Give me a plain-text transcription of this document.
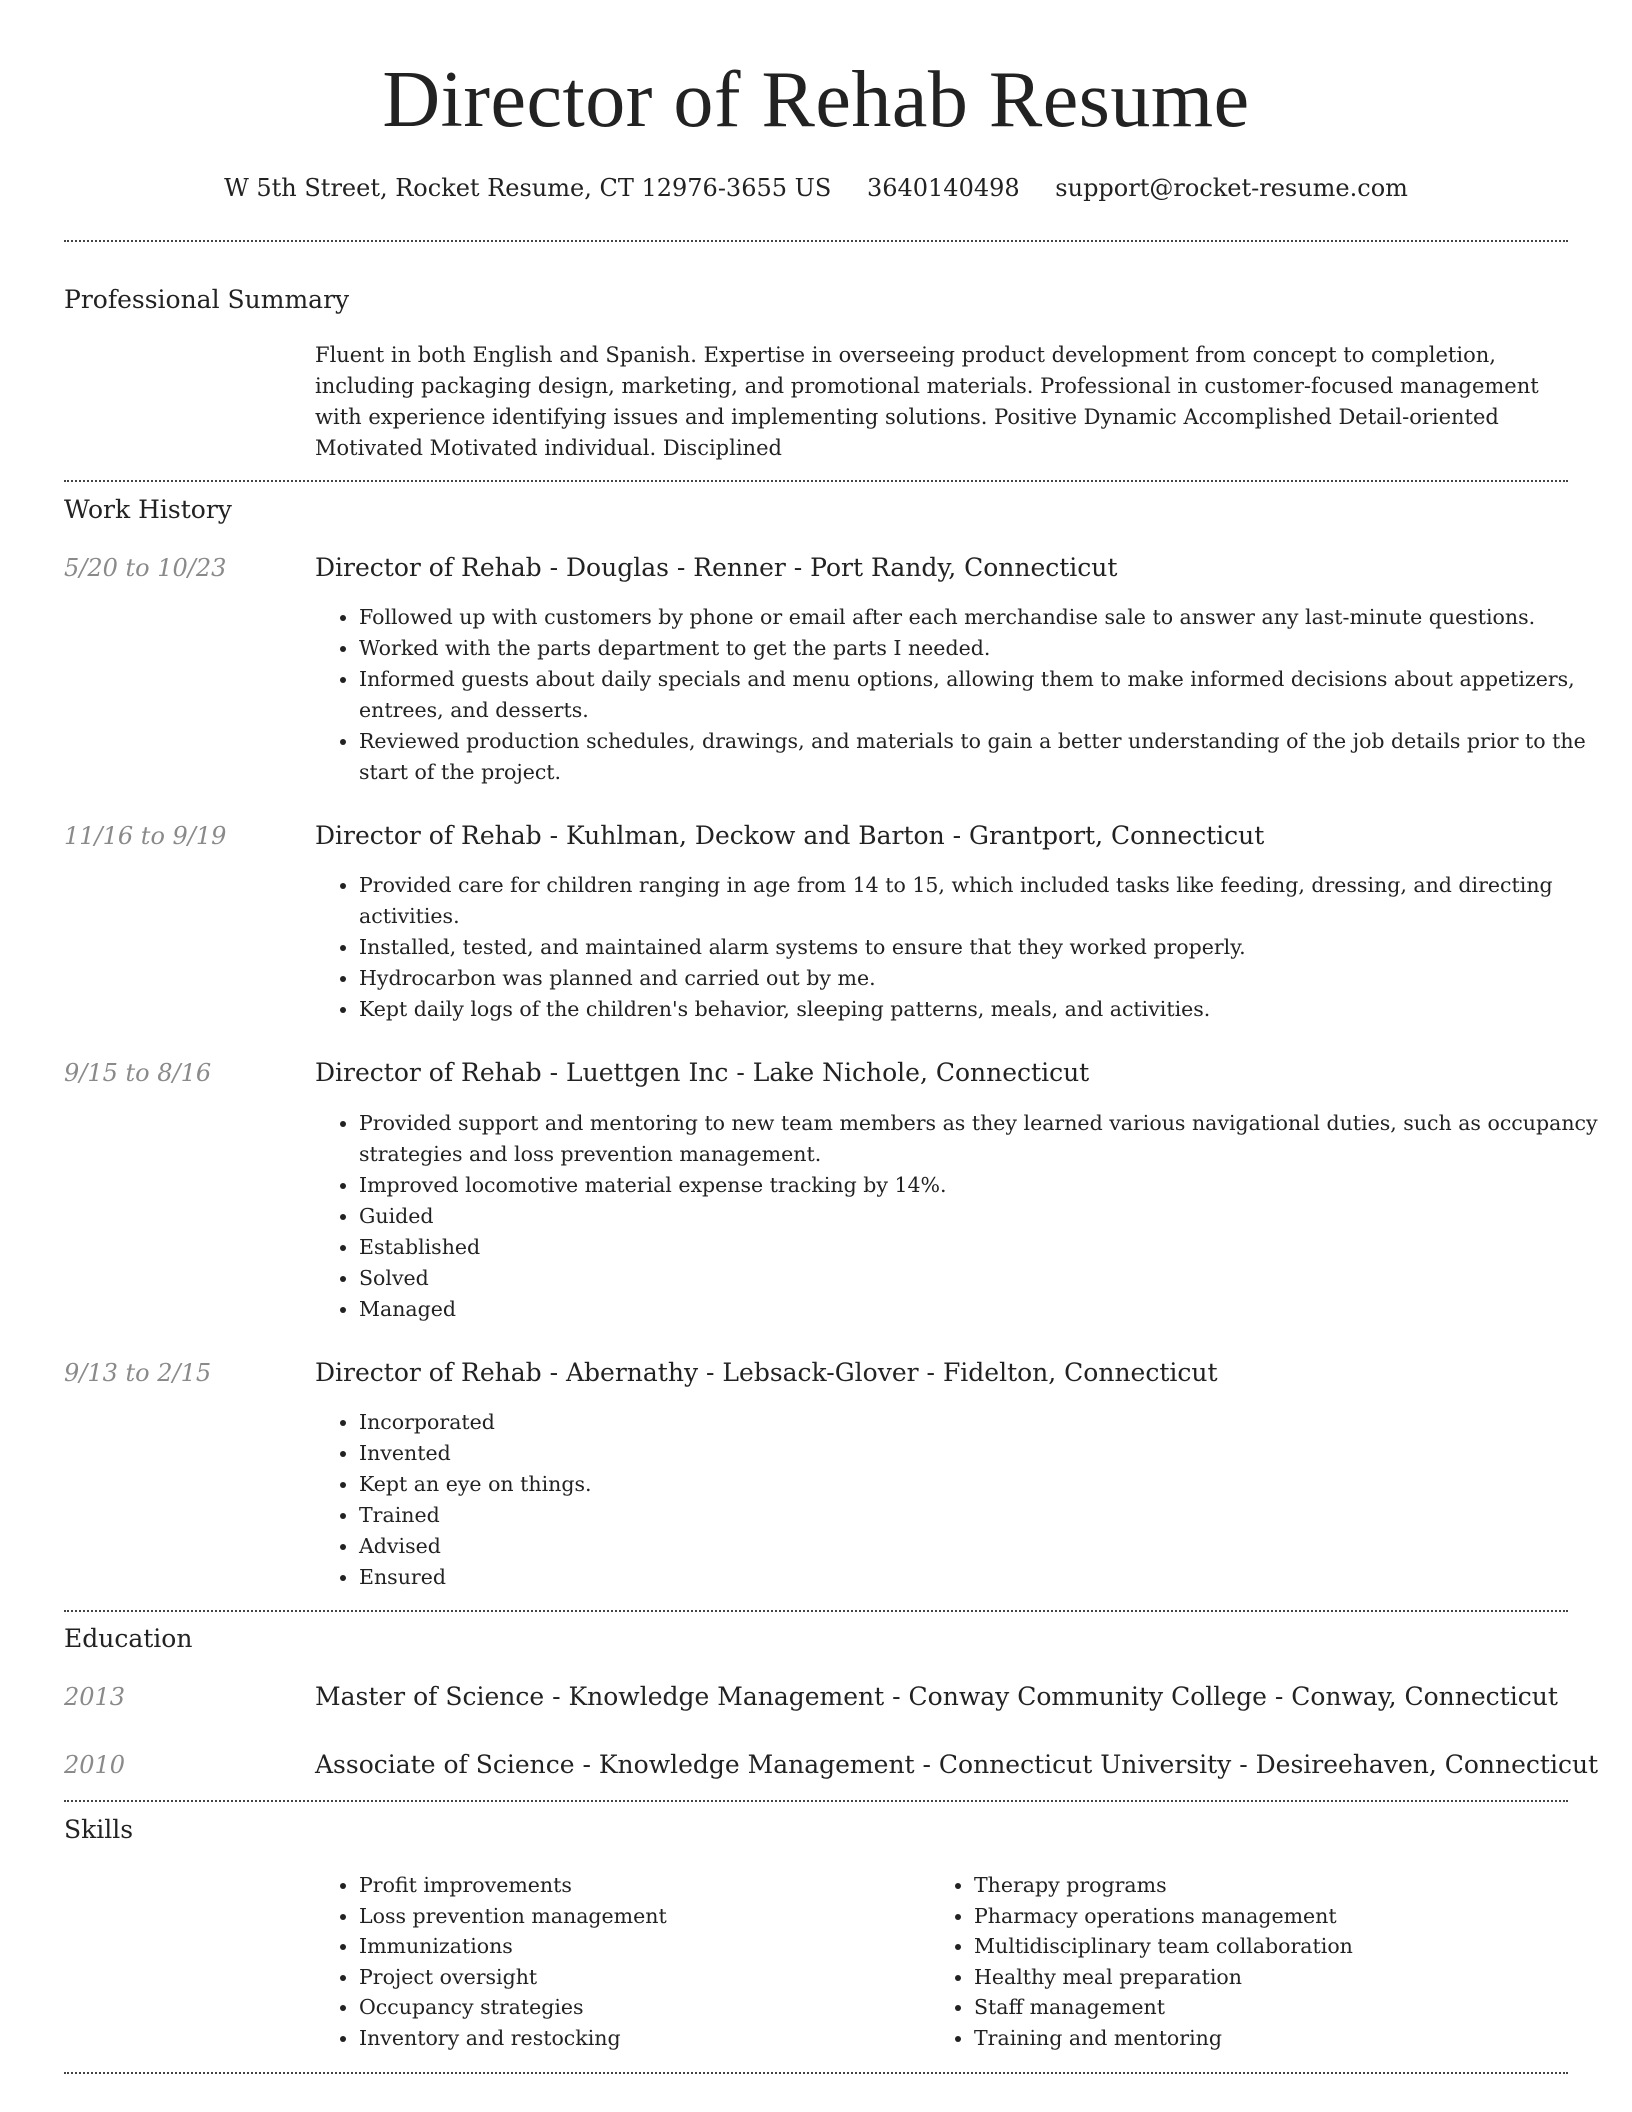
Director of Rehab Resume
W 5th Street, Rocket Resume, CT 12976-3655 US 3640140498 support@rocket-resume.com
Professional Summary
Fluent in both English and Spanish. Expertise in overseeing product development from concept to completion, including packaging design, marketing, and promotional materials. Professional in customer-focused management with experience identifying issues and implementing solutions. Positive Dynamic Accomplished Detail-oriented Motivated Motivated individual. Disciplined
Work History
5/20 to 10/23	Director of Rehab - Douglas - Renner - Port Randy, Connecticut
• Followed up with customers by phone or email after each merchandise sale to answer any last-minute questions.
• Worked with the parts department to get the parts I needed.
• Informed guests about daily specials and menu options, allowing them to make informed decisions about appetizers, entrees, and desserts.
• Reviewed production schedules, drawings, and materials to gain a better understanding of the job details prior to the start of the project.
11/16 to 9/19	Director of Rehab - Kuhlman, Deckow and Barton - Grantport, Connecticut
• Provided care for children ranging in age from 14 to 15, which included tasks like feeding, dressing, and directing activities.
• Installed, tested, and maintained alarm systems to ensure that they worked properly.
• Hydrocarbon was planned and carried out by me.
• Kept daily logs of the children's behavior, sleeping patterns, meals, and activities.
9/15 to 8/16	Director of Rehab - Luettgen Inc - Lake Nichole, Connecticut
• Provided support and mentoring to new team members as they learned various navigational duties, such as occupancy strategies and loss prevention management.
• Improved locomotive material expense tracking by 14%.
• Guided
• Established
• Solved
• Managed
9/13 to 2/15	Director of Rehab - Abernathy - Lebsack-Glover - Fidelton, Connecticut
• Incorporated
• Invented
• Kept an eye on things.
• Trained
• Advised
• Ensured
Education
2013	Master of Science - Knowledge Management - Conway Community College - Conway, Connecticut
2010	Associate of Science - Knowledge Management - Connecticut University - Desireehaven, Connecticut
Skills
• Profit improvements
• Loss prevention management
• Immunizations
• Project oversight
• Occupancy strategies
• Inventory and restocking
• Therapy programs
• Pharmacy operations management
• Multidisciplinary team collaboration
• Healthy meal preparation
• Staff management
• Training and mentoring
